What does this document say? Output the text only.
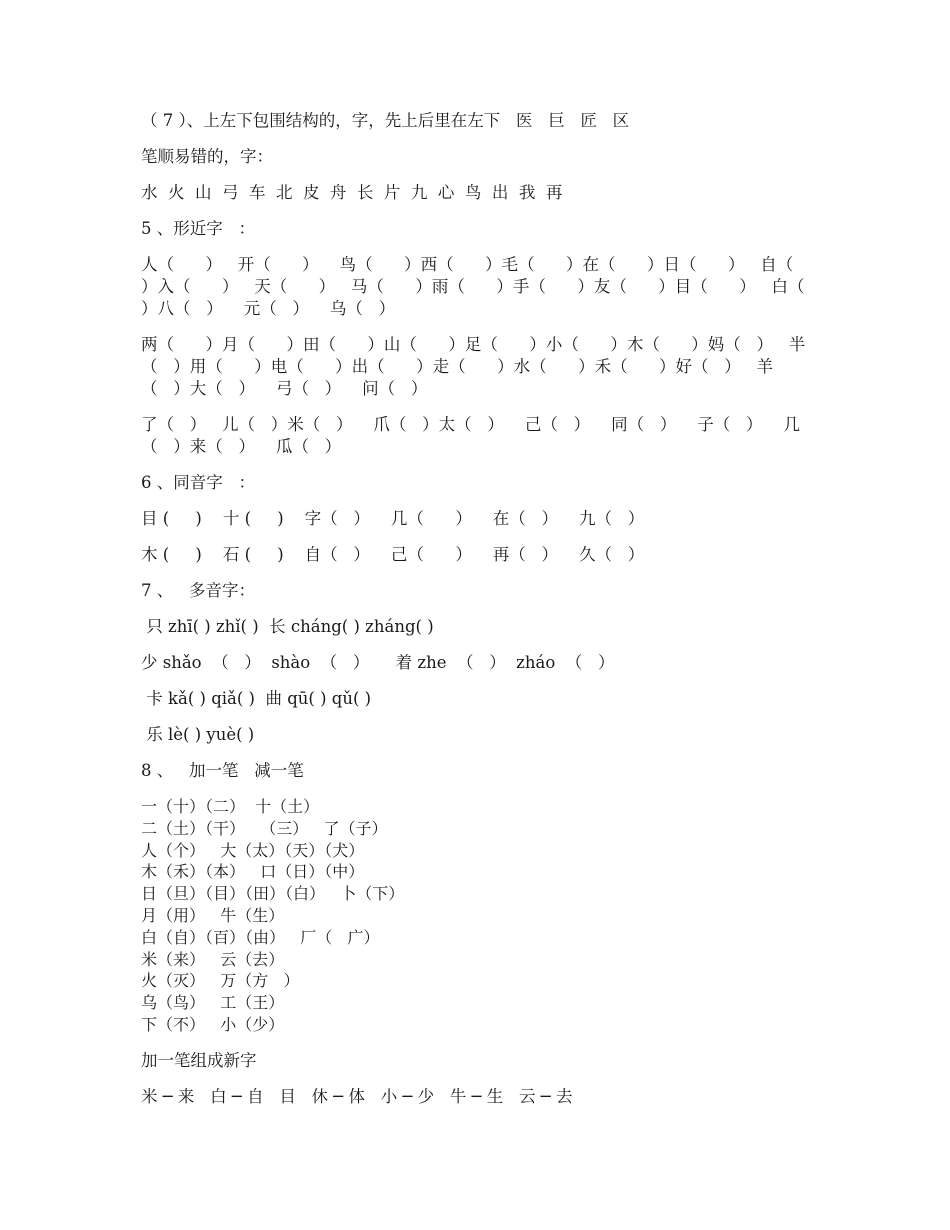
（ 7 ）、上左下包围结构的，字，先上后里在左下   医   巨   匠   区

笔顺易错的，字：

水  火  山  弓  车  北  皮  舟  长  片  九  心  鸟  出  我  再

5 、形近字   ：

人（      ）   开（      ）    鸟（      ）西（      ）毛（      ）在（      ）日（      ）   自（
）入（      ）   天（      ）   马（      ）雨（      ）手（      ）友（      ）目（      ）   白（
）八（   ）    元（   ）    乌（   ）
两（      ）月（      ）田（      ）山（      ）足（      ）小（      ）木（      ）妈（   ）   半
（   ）用（      ）电（      ）出（      ）走（      ）水（      ）禾（      ）好（   ）   羊
（   ）大（   ）    弓（   ）    问（   ）
了（   ）   儿（   ）米（   ）    爪（   ）太（   ）    己（   ）    同（   ）    子（   ）    几
（   ）来（   ）    瓜（   ）

6 、同音字   ：

目 (     )    十 (     )    字（   ）    几（      ）    在（   ）    九（   ）

木 (     )    石 (     )    自（   ）    己（      ）    再（   ）    久（   ）

7 、   多音字：

只 zhī( ) zhǐ( )  长 cháng( ) zháng( )

少 shǎo  （   ）  shào  （   ）     着 zhe  （   ）  zháo  （   ）

卡 kǎ( ) qiǎ( )  曲 qū( ) qǔ( )

乐 lè( ) yuè( )

8 、   加一笔   减一笔

一（十）（二）  十（土）
二（土）（干）   （三）   了（子）
人（个）   大（太）（天）（犬）
木（禾）（本）   口（日）（中）
日（旦）（目）（田）（白）   卜（下）
月（用）   牛（生）
白（自）（百）（由）   厂（   广）
米（来）   云（去）
火（灭）   万（方   ）
乌（鸟）   工（王）
下（不）   小（少）

加一笔组成新字

米 ─ 来   白 ─ 自   目   休 ─ 体   小 ─ 少   牛 ─ 生   云 ─ 去
